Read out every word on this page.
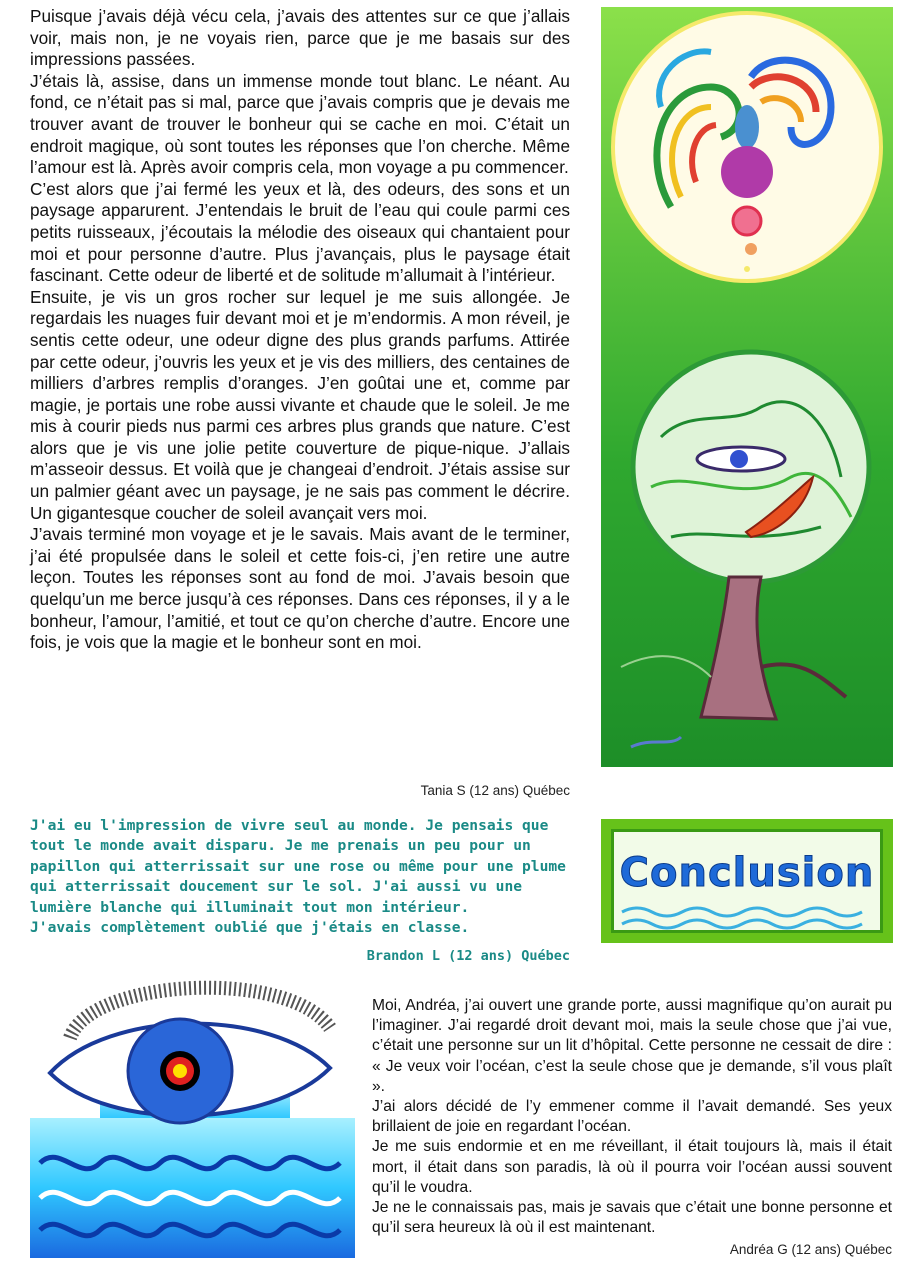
Puisque j’avais déjà vécu cela, j’avais des attentes sur ce que j’allais voir, mais non, je ne voyais rien, parce que je me basais sur des impressions passées.

J’étais là, assise, dans un immense monde tout blanc. Le néant. Au fond, ce n’était pas si mal, parce que j’avais compris que je devais me trouver avant de trouver le bonheur qui se cache en moi. C’était un endroit magique, où sont toutes les réponses que l’on cherche. Même l’amour est là. Après avoir compris cela, mon voyage a pu commencer.

C’est alors que j’ai fermé les yeux et là, des odeurs, des sons et un paysage apparurent. J’entendais le bruit de l’eau qui coule parmi ces petits ruisseaux, j’écoutais la mélodie des oiseaux qui chantaient pour moi et pour personne d’autre. Plus j’avançais, plus le paysage était fascinant. Cette odeur de liberté et de solitude m’allumait à l’intérieur.

Ensuite, je vis un gros rocher sur lequel je me suis allongée. Je regardais les nuages fuir devant moi et je m’endormis. A mon réveil, je sentis cette odeur, une odeur digne des plus grands parfums. Attirée par cette odeur, j’ouvris les yeux et je vis des milliers, des centaines de milliers d’arbres remplis d’oranges. J’en goûtai une et, comme par magie, je portais une robe aussi vivante et chaude que le soleil. Je me mis à courir pieds nus parmi ces arbres plus grands que nature. C’est alors que je vis une jolie petite couverture de pique-nique. J’allais m’asseoir dessus. Et voilà que je changeai d’endroit. J’étais assise sur un palmier géant avec un paysage, je ne sais pas comment le décrire. Un gigantesque coucher de soleil avançait vers moi.

J’avais terminé mon voyage et je le savais. Mais avant de le terminer, j’ai été propulsée dans le soleil et cette fois-ci, j’en retire une autre leçon. Toutes les réponses sont au fond de moi. J’avais besoin que quelqu’un me berce jusqu’à ces réponses. Dans ces réponses, il y a le bonheur, l’amour, l’amitié, et tout ce qu’on cherche d’autre. Encore une fois, je vois que la magie et le bonheur sont en moi.

Tania S (12 ans) Québec

J'ai eu l'impression de vivre seul au monde. Je pensais que tout le monde avait disparu. Je me prenais un peu pour un papillon qui atterrissait sur une rose ou même pour une plume qui atterrissait doucement sur le sol. J'ai aussi vu une lumière blanche qui illuminait tout mon intérieur.

J'avais complètement oublié que j'étais en classe.

Brandon L (12 ans) Québec
Conclusion

Moi, Andréa, j’ai ouvert une grande porte, aussi magnifique qu’on aurait pu l’imaginer. J’ai regardé droit devant moi, mais la seule chose que j’ai vue, c’était une personne sur un lit d’hôpital. Cette personne ne cessait de dire : « Je veux voir l’océan, c’est la seule chose que je demande, s’il vous plaît ».

J’ai alors décidé de l’y emmener comme il l’avait demandé. Ses yeux brillaient de joie en regardant l’océan.

Je me suis endormie et en me réveillant, il était toujours là, mais il était mort, il était dans son paradis, là où il pourra voir l’océan aussi souvent qu’il le voudra.

Je ne le connaissais pas, mais je savais que c’était une bonne personne et qu’il sera heureux là où il est maintenant.

Andréa G (12 ans) Québec
